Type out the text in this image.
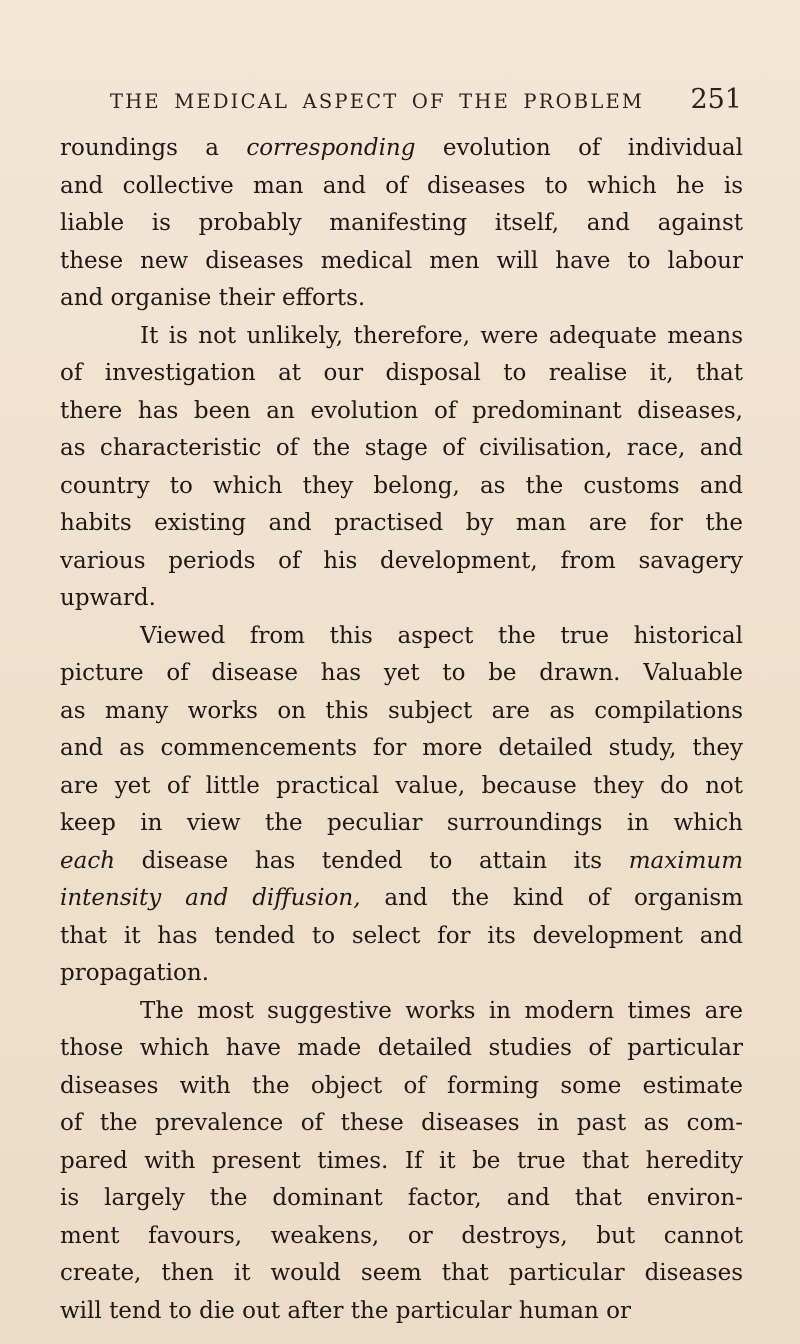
THE MEDICAL ASPECT OF THE PROBLEM 251
roundings a corresponding evolution of individual
and collective man and of diseases to which he is
liable is probably manifesting itself, and against
these new diseases medical men will have to labour
and organise their efforts.
It is not unlikely, therefore, were adequate means
of investigation at our disposal to realise it, that
there has been an evolution of predominant diseases,
as characteristic of the stage of civilisation, race, and
country to which they belong, as the customs and
habits existing and practised by man are for the
various periods of his development, from savagery
upward.
Viewed from this aspect the true historical
picture of disease has yet to be drawn. Valuable
as many works on this subject are as compilations
and as commencements for more detailed study, they
are yet of little practical value, because they do not
keep in view the peculiar surroundings in which
each disease has tended to attain its maximum
intensity and diffusion, and the kind of organism
that it has tended to select for its development and
propagation.
The most suggestive works in modern times are
those which have made detailed studies of particular
diseases with the object of forming some estimate
of the prevalence of these diseases in past as com-
pared with present times. If it be true that heredity
is largely the dominant factor, and that environ-
ment favours, weakens, or destroys, but cannot
create, then it would seem that particular diseases
will tend to die out after the particular human or
